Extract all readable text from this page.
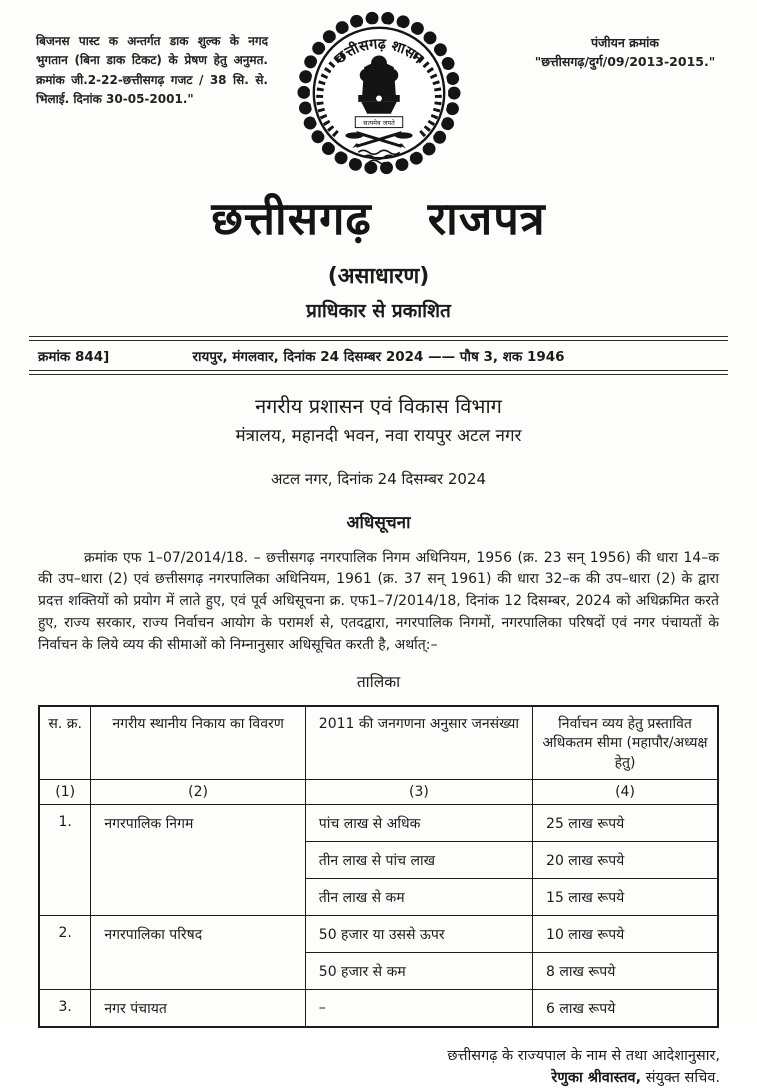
बिजनस पास्ट क अन्तर्गत डाक शुल्क के नगद भुगतान (बिना डाक टिकट) के प्रेषण हेतु अनुमत. क्रमांक जी.2-22-छत्तीसगढ़ गजट / 38 सि. से. भिलाई. दिनांक 30-05-2001."
छत्तीसगढ़ शासन
सत्यमेव जयते
पंजीयन क्रमांक
"छत्तीसगढ़/दुर्ग/09/2013-2015."
छत्तीसगढ़ राजपत्र
(असाधारण)
प्राधिकार से प्रकाशित
क्रमांक 844]	रायपुर, मंगलवार, दिनांक 24 दिसम्बर 2024 —— पौष 3, शक 1946
नगरीय प्रशासन एवं विकास विभाग
मंत्रालय, महानदी भवन, नवा रायपुर अटल नगर
अटल नगर, दिनांक 24 दिसम्बर 2024
अधिसूचना

क्रमांक एफ 1–07/2014/18. – छत्तीसगढ़ नगरपालिक निगम अधिनियम, 1956 (क्र. 23 सन् 1956) की धारा 14–क की उप–धारा (2) एवं छत्तीसगढ़ नगरपालिका अधिनियम, 1961 (क्र. 37 सन् 1961) की धारा 32–क की उप–धारा (2) के द्वारा प्रदत्त शक्तियों को प्रयोग में लाते हुए, एवं पूर्व अधिसूचना क्र. एफ1–7/2014/18, दिनांक 12 दिसम्बर, 2024 को अधिक्रमित करते हुए, राज्य सरकार, राज्य निर्वाचन आयोग के परामर्श से, एतदद्वारा, नगरपालिक निगमों, नगरपालिका परिषदों एवं नगर पंचायतों के निर्वाचन के लिये व्यय की सीमाओं को निम्नानुसार अधिसूचित करती है, अर्थात्:–

तालिका
स. क्र.	नगरीय स्थानीय निकाय का विवरण	2011 की जनगणना अनुसार जनसंख्या	निर्वाचन व्यय हेतु प्रस्तावित अधिकतम सीमा (महापौर/अध्यक्ष हेतु)
(1)	(2)	(3)	(4)
1.	नगरपालिक निगम	पांच लाख से अधिक	25 लाख रूपये
		तीन लाख से पांच लाख	20 लाख रूपये
		तीन लाख से कम	15 लाख रूपये
2.	नगरपालिका परिषद	50 हजार या उससे ऊपर	10 लाख रूपये
		50 हजार से कम	8 लाख रूपये
3.	नगर पंचायत	–	6 लाख रूपये
छत्तीसगढ़ के राज्यपाल के नाम से तथा आदेशानुसार,
रेणुका श्रीवास्तव, संयुक्त सचिव.
